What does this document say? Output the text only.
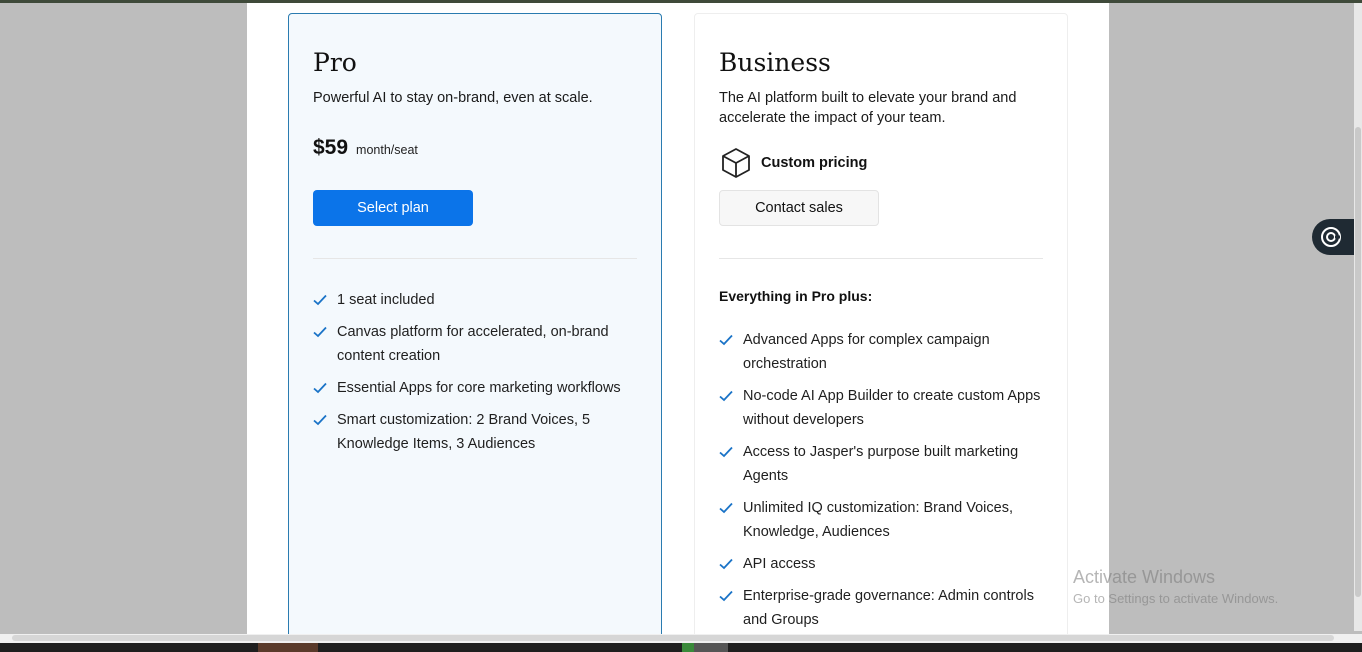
Pro

Powerful AI to stay on-brand, even at scale.

$59 month/seat
Select plan
1 seat included
Canvas platform for accelerated, on-brand content creation
Essential Apps for core marketing workflows
Smart customization: 2 Brand Voices, 5 Knowledge Items, 3 Audiences
Business

The AI platform built to elevate your brand and accelerate the impact of your team.

Custom pricing
Contact sales

Everything in Pro plus:

Advanced Apps for complex campaign orchestration
No-code AI App Builder to create custom Apps without developers
Access to Jasper's purpose built marketing Agents
Unlimited IQ customization: Brand Voices, Knowledge, Audiences
API access
Enterprise-grade governance: Admin controls and Groups
Activate Windows
Go to Settings to activate Windows.
